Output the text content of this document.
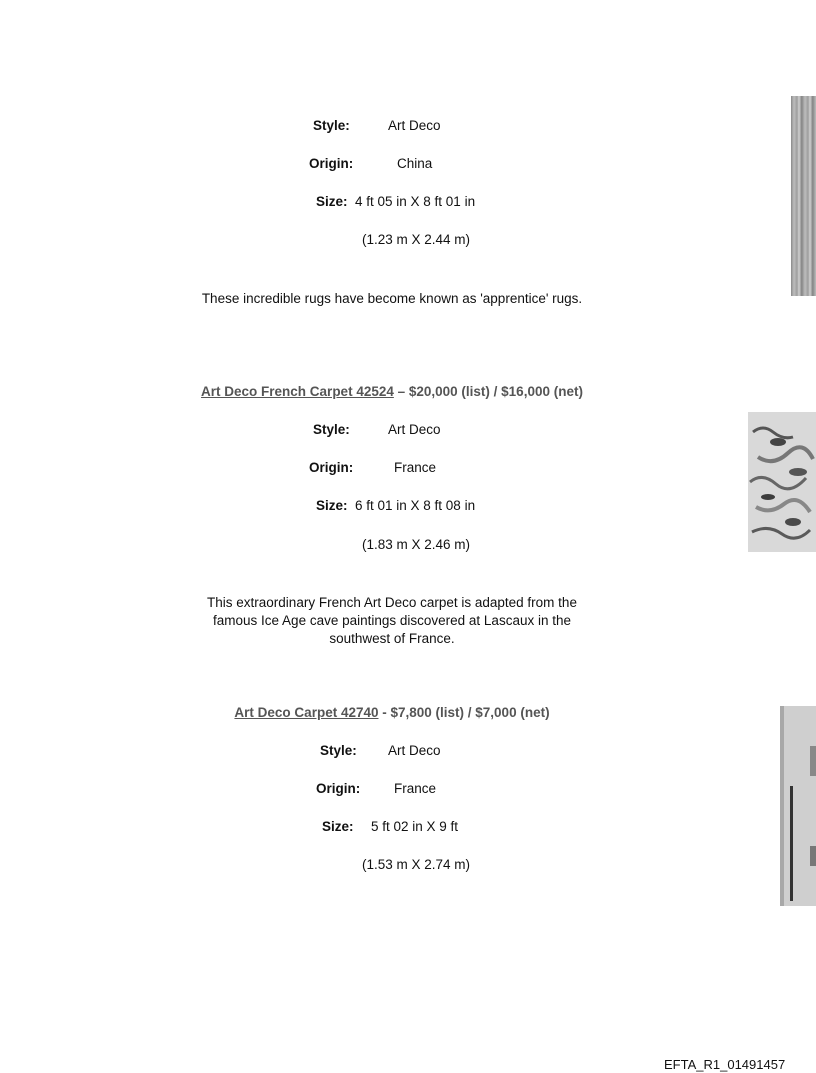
Style:	Art Deco
Origin:	China
Size: 4 ft 05 in X 8 ft 01 in
(1.23 m X 2.44 m)
These incredible rugs have become known as 'apprentice' rugs.
Art Deco French Carpet 42524 – $20,000 (list) / $16,000 (net)
Style:	Art Deco
Origin:	France
Size: 6 ft 01 in X 8 ft 08 in
(1.83 m X 2.46 m)
This extraordinary French Art Deco carpet is adapted from the famous Ice Age cave paintings discovered at Lascaux in the southwest of France.
Art Deco Carpet 42740 - $7,800 (list) / $7,000 (net)
Style: Art Deco
Origin:	France
Size: 5 ft 02 in X 9 ft
(1.53 m X 2.74 m)
EFTA_R1_01491457
